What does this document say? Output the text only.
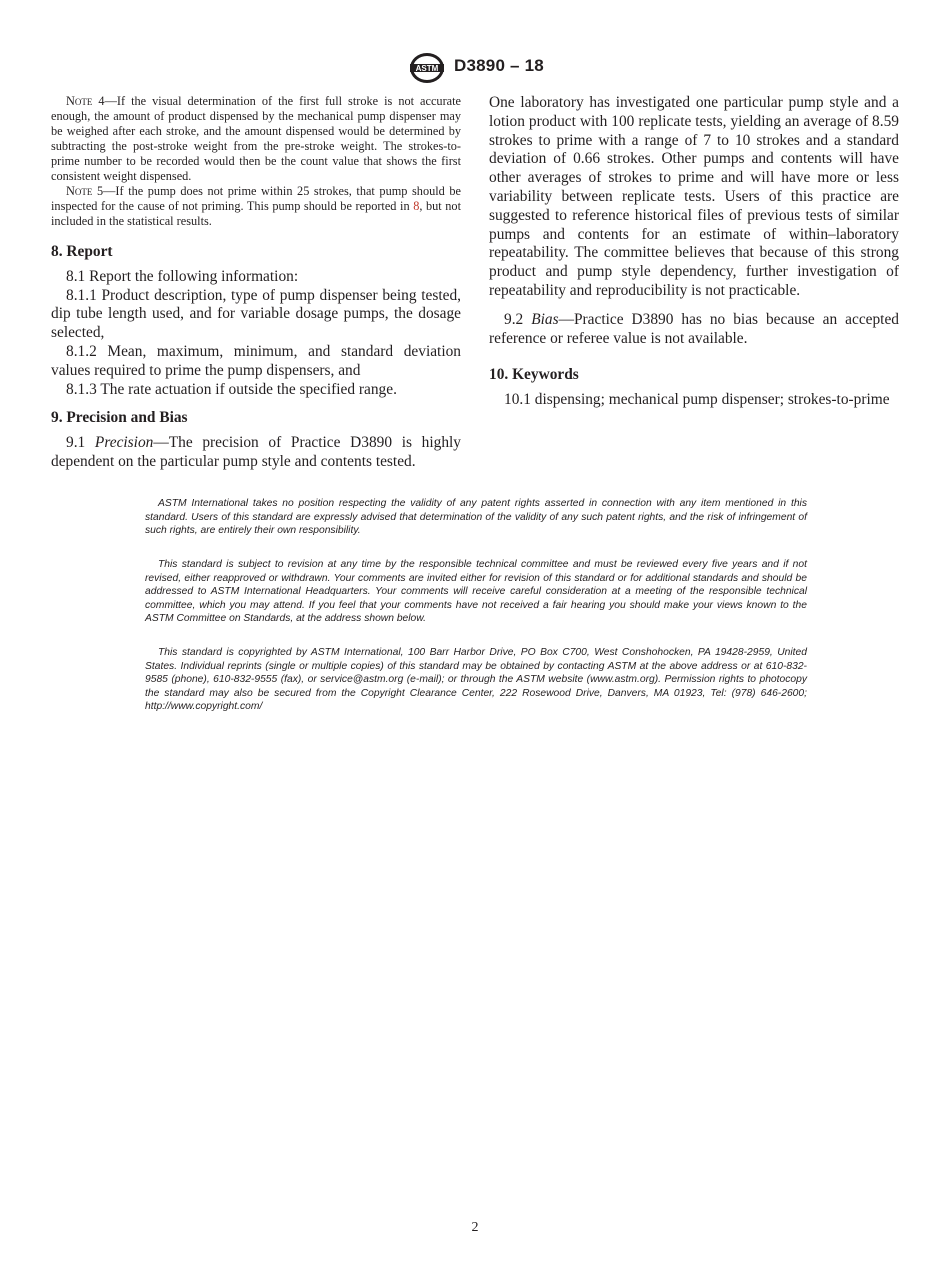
ASTM D3890 – 18

Note 4—If the visual determination of the first full stroke is not accurate enough, the amount of product dispensed by the mechanical pump dispenser may be weighed after each stroke, and the amount dispensed would be determined by subtracting the post-stroke weight from the pre-stroke weight. The strokes-to-prime number to be recorded would then be the count value that shows the first consistent weight dispensed.

Note 5—If the pump does not prime within 25 strokes, that pump should be inspected for the cause of not priming. This pump should be reported in 8, but not included in the statistical results.

8. Report

8.1 Report the following information:

8.1.1 Product description, type of pump dispenser being tested, dip tube length used, and for variable dosage pumps, the dosage selected,

8.1.2 Mean, maximum, minimum, and standard deviation values required to prime the pump dispensers, and

8.1.3 The rate actuation if outside the specified range.

9. Precision and Bias

9.1 Precision—The precision of Practice D3890 is highly dependent on the particular pump style and contents tested.

One laboratory has investigated one particular pump style and a lotion product with 100 replicate tests, yielding an average of 8.59 strokes to prime with a range of 7 to 10 strokes and a standard deviation of 0.66 strokes. Other pumps and contents will have other averages of strokes to prime and will have more or less variability between replicate tests. Users of this practice are suggested to reference historical files of previous tests of similar pumps and contents for an estimate of within–laboratory repeatability. The committee believes that because of this strong product and pump style dependency, further investigation of repeatability and reproducibility is not practicable.

9.2 Bias—Practice D3890 has no bias because an accepted reference or referee value is not available.

10. Keywords

10.1 dispensing; mechanical pump dispenser; strokes-to-prime

ASTM International takes no position respecting the validity of any patent rights asserted in connection with any item mentioned in this standard. Users of this standard are expressly advised that determination of the validity of any such patent rights, and the risk of infringement of such rights, are entirely their own responsibility.

This standard is subject to revision at any time by the responsible technical committee and must be reviewed every five years and if not revised, either reapproved or withdrawn. Your comments are invited either for revision of this standard or for additional standards and should be addressed to ASTM International Headquarters. Your comments will receive careful consideration at a meeting of the responsible technical committee, which you may attend. If you feel that your comments have not received a fair hearing you should make your views known to the ASTM Committee on Standards, at the address shown below.

This standard is copyrighted by ASTM International, 100 Barr Harbor Drive, PO Box C700, West Conshohocken, PA 19428-2959, United States. Individual reprints (single or multiple copies) of this standard may be obtained by contacting ASTM at the above address or at 610-832-9585 (phone), 610-832-9555 (fax), or service@astm.org (e-mail); or through the ASTM website (www.astm.org). Permission rights to photocopy the standard may also be secured from the Copyright Clearance Center, 222 Rosewood Drive, Danvers, MA 01923, Tel: (978) 646-2600; http://www.copyright.com/

2
